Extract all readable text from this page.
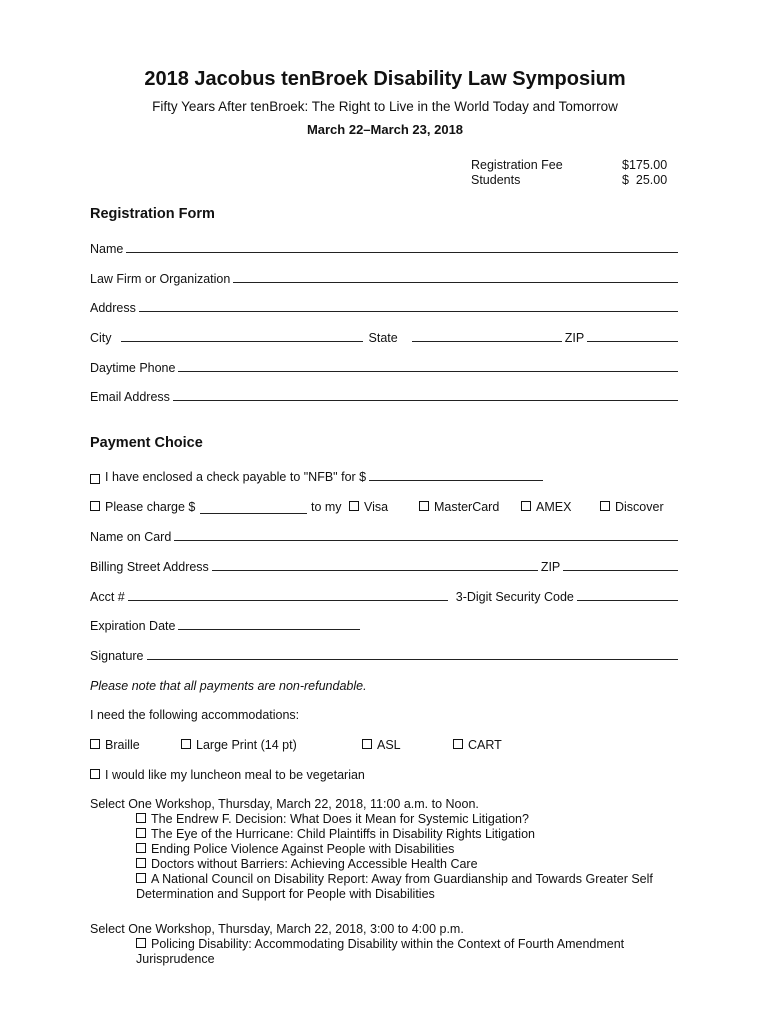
2018 Jacobus tenBroek Disability Law Symposium
Fifty Years After tenBroek: The Right to Live in the World Today and Tomorrow
March 22–March 23, 2018
Registration Fee	$175.00
Students	$  25.00
Registration Form
Name
Law Firm or Organization
Address
City	State	ZIP
Daytime Phone
Email Address
Payment Choice
I have enclosed a check payable to "NFB" for $
Please charge $	to my	Visa	MasterCard	AMEX	Discover
Name on Card
Billing Street Address	ZIP
Acct #	3-Digit Security Code
Expiration Date
Signature
Please note that all payments are non-refundable.
I need the following accommodations:
Braille	Large Print (14 pt)	ASL	CART
I would like my luncheon meal to be vegetarian
Select One Workshop, Thursday, March 22, 2018, 11:00 a.m. to Noon.
The Endrew F. Decision: What Does it Mean for Systemic Litigation?
The Eye of the Hurricane: Child Plaintiffs in Disability Rights Litigation
Ending Police Violence Against People with Disabilities
Doctors without Barriers: Achieving Accessible Health Care
A National Council on Disability Report: Away from Guardianship and Towards Greater Self
Determination and Support for People with Disabilities
Select One Workshop, Thursday, March 22, 2018, 3:00 to 4:00 p.m.
Policing Disability: Accommodating Disability within the Context of Fourth Amendment
Jurisprudence
